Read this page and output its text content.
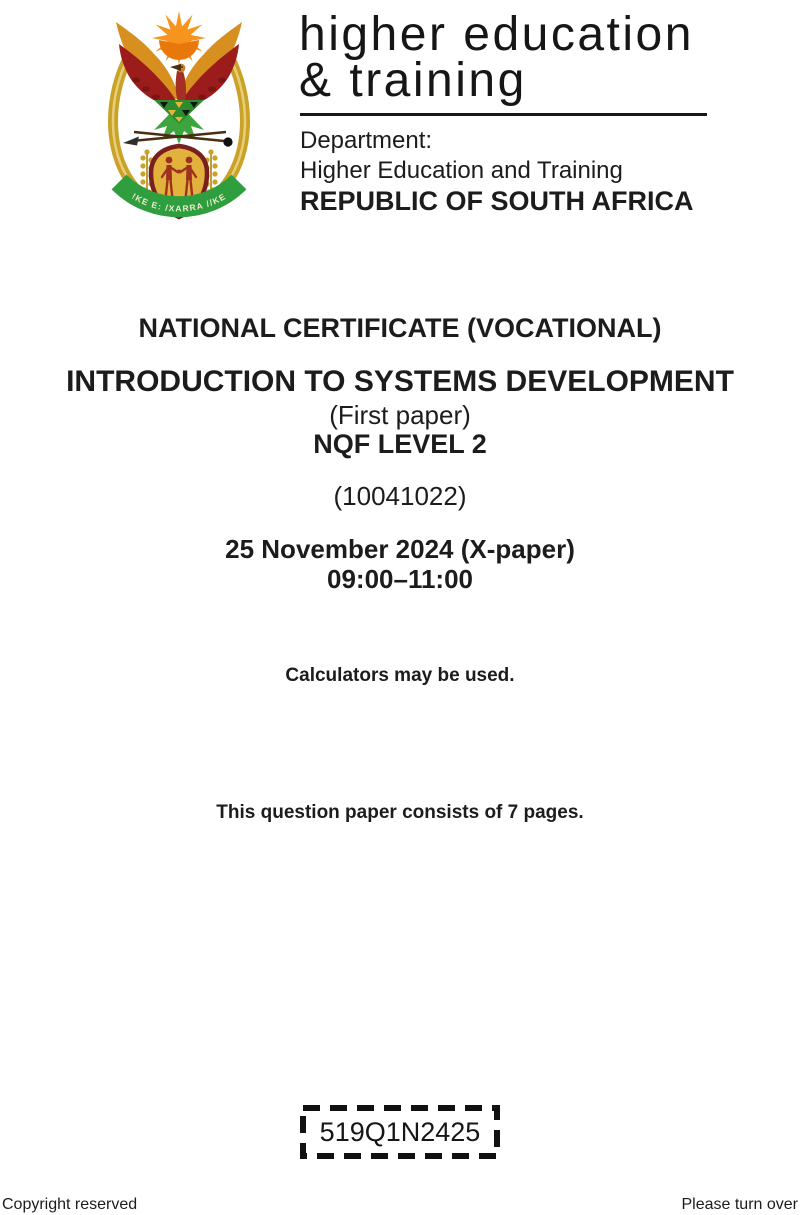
!KE E: /XARRA //KE
higher education
& training
Department:
Higher Education and Training
REPUBLIC OF SOUTH AFRICA
NATIONAL CERTIFICATE (VOCATIONAL)
INTRODUCTION TO SYSTEMS DEVELOPMENT
(First paper)
NQF LEVEL 2
(10041022)
25 November 2024 (X-paper)
09:00–11:00
Calculators may be used.
This question paper consists of 7 pages.
519Q1N2425
Copyright reserved	Please turn over
